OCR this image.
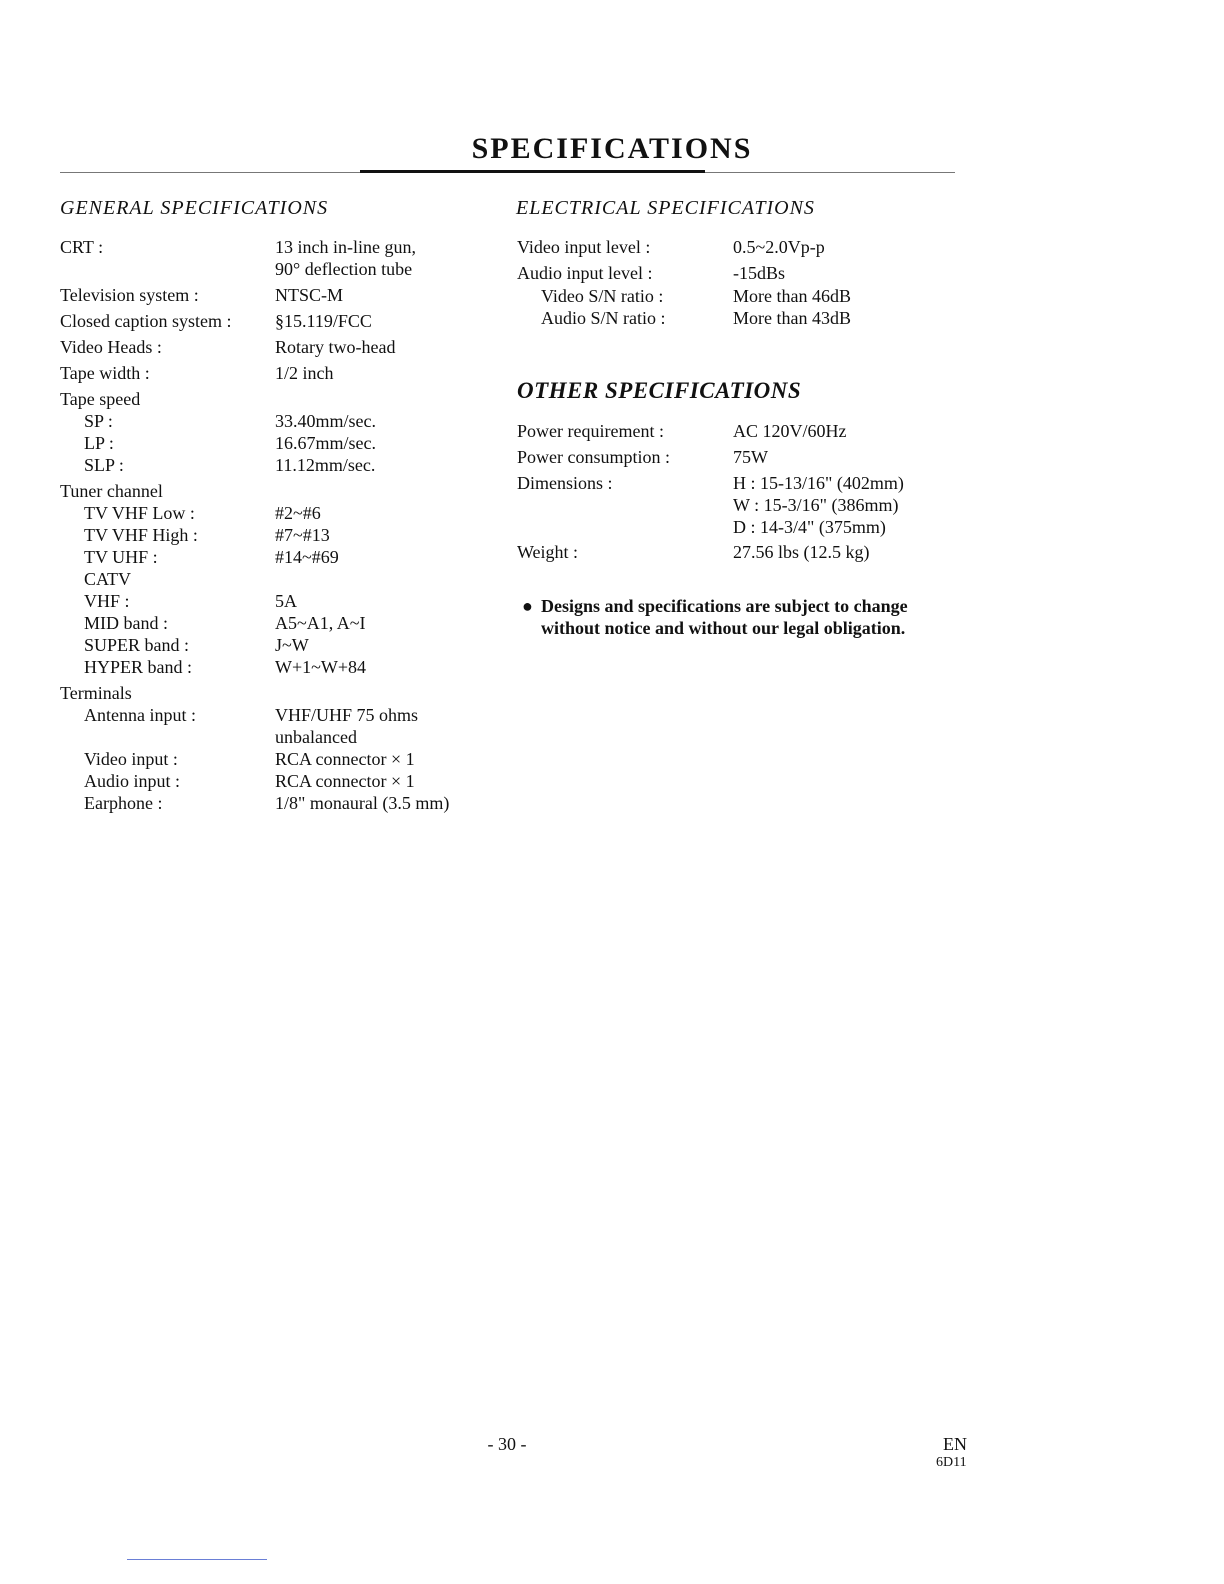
SPECIFICATIONS
GENERAL SPECIFICATIONS
CRT :	13 inch in-line gun,
90° deflection tube
Television system :	NTSC-M
Closed caption system : §15.119/FCC
Video Heads :	Rotary two-head
Tape width :	1/2 inch
Tape speed
SP :	33.40mm/sec.
LP :	16.67mm/sec.
SLP :	11.12mm/sec.
Tuner channel
TV VHF Low :	#2~#6
TV VHF High :	#7~#13
TV UHF :	#14~#69
CATV
VHF :	5A
MID band :	A5~A1, A~I
SUPER band :	J~W
HYPER band :	W+1~W+84
Terminals
Antenna input :	VHF/UHF 75 ohms
unbalanced
Video input :	RCA connector × 1
Audio input :	RCA connector × 1
Earphone :	1/8" monaural (3.5 mm)
ELECTRICAL SPECIFICATIONS
Video input level :	0.5~2.0Vp-p
Audio input level :	-15dBs
Video S/N ratio :	More than 46dB
Audio S/N ratio :	More than 43dB
OTHER SPECIFICATIONS
Power requirement :	AC 120V/60Hz
Power consumption :	75W
Dimensions :	H : 15-13/16" (402mm)
W : 15-3/16" (386mm)
D : 14-3/4" (375mm)
Weight :	27.56 lbs (12.5 kg)
● Designs and specifications are subject to change
without notice and without our legal obligation.
- 30 -	EN
6D11
